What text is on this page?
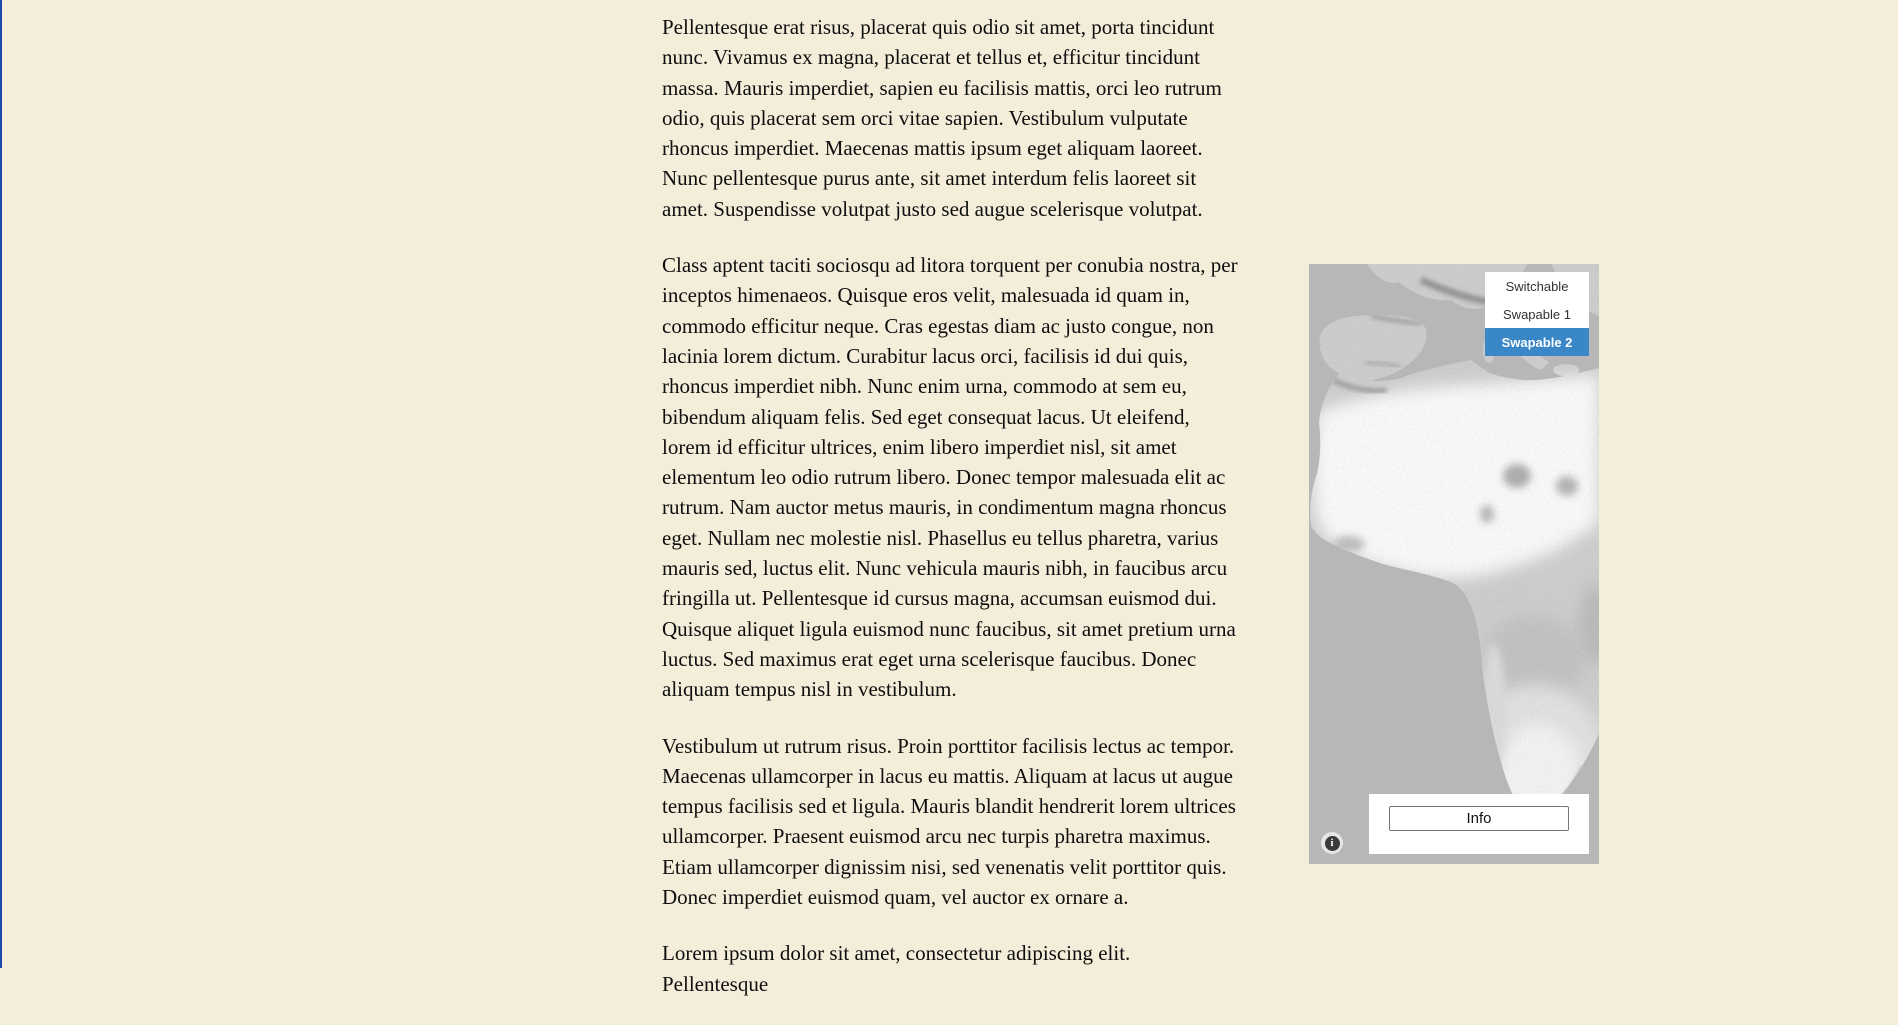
Pellentesque erat risus, placerat quis odio sit amet, porta tincidunt nunc. Vivamus ex magna, placerat et tellus et, efficitur tincidunt massa. Mauris imperdiet, sapien eu facilisis mattis, orci leo rutrum odio, quis placerat sem orci vitae sapien. Vestibulum vulputate rhoncus imperdiet. Maecenas mattis ipsum eget aliquam laoreet. Nunc pellentesque purus ante, sit amet interdum felis laoreet sit amet. Suspendisse volutpat justo sed augue scelerisque volutpat.

Class aptent taciti sociosqu ad litora torquent per conubia nostra, per inceptos himenaeos. Quisque eros velit, malesuada id quam in, commodo efficitur neque. Cras egestas diam ac justo congue, non lacinia lorem dictum. Curabitur lacus orci, facilisis id dui quis, rhoncus imperdiet nibh. Nunc enim urna, commodo at sem eu, bibendum aliquam felis. Sed eget consequat lacus. Ut eleifend, lorem id efficitur ultrices, enim libero imperdiet nisl, sit amet elementum leo odio rutrum libero. Donec tempor malesuada elit ac rutrum. Nam auctor metus mauris, in condimentum magna rhoncus eget. Nullam nec molestie nisl. Phasellus eu tellus pharetra, varius mauris sed, luctus elit. Nunc vehicula mauris nibh, in faucibus arcu fringilla ut. Pellentesque id cursus magna, accumsan euismod dui. Quisque aliquet ligula euismod nunc faucibus, sit amet pretium urna luctus. Sed maximus erat eget urna scelerisque faucibus. Donec aliquam tempus nisl in vestibulum.

Vestibulum ut rutrum risus. Proin porttitor facilisis lectus ac tempor. Maecenas ullamcorper in lacus eu mattis. Aliquam at lacus ut augue tempus facilisis sed et ligula. Mauris blandit hendrerit lorem ultrices ullamcorper. Praesent euismod arcu nec turpis pharetra maximus. Etiam ullamcorper dignissim nisi, sed venenatis velit porttitor quis. Donec imperdiet euismod quam, vel auctor ex ornare a.

Lorem ipsum dolor sit amet, consectetur adipiscing elit. Pellentesque

Switchable
Swapable 1
Swapable 2
Info
i
